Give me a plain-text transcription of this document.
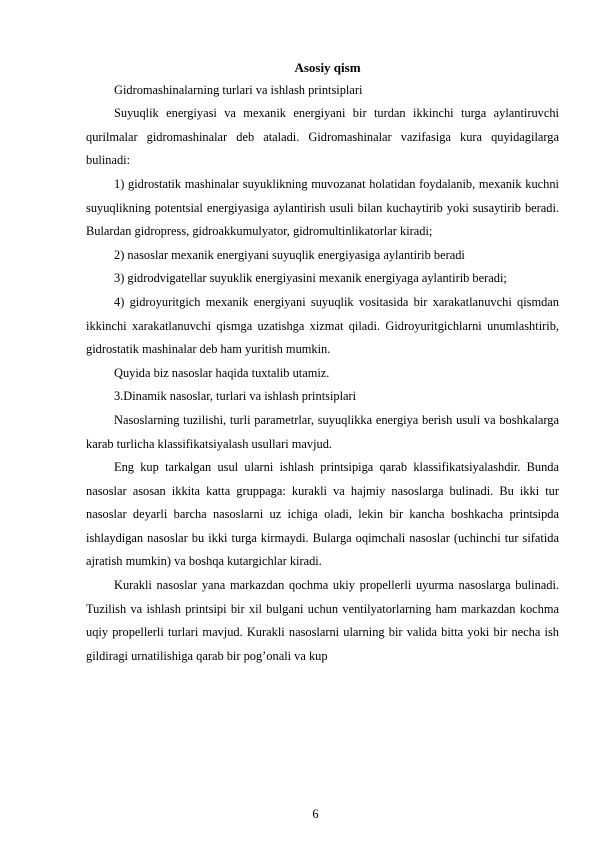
Asosiy qism

Gidromashinalarning turlari va ishlash printsiplari

Suyuqlik energiyasi va mexanik energiyani bir turdan ikkinchi turga aylantiruvchi qurilmalar gidromashinalar deb ataladi. Gidromashinalar vazifasiga kura quyidagilarga bulinadi:

1) gidrostatik mashinalar suyuklikning muvozanat holatidan foydalanib, mexanik kuchni suyuqlikning potentsial energiyasiga aylantirish usuli bilan kuchaytirib yoki susaytirib beradi. Bulardan gidropress, gidroakkumulyator, gidromultinlikatorlar kiradi;

2) nasoslar mexanik energiyani suyuqlik energiyasiga aylantirib beradi

3) gidrodvigatellar suyuklik energiyasini mexanik energiyaga aylantirib beradi;

4) gidroyuritgich mexanik energiyani suyuqlik vositasida bir xarakatlanuvchi qismdan ikkinchi xarakatlanuvchi qismga uzatishga xizmat qiladi. Gidroyuritgichlarni unumlashtirib, gidrostatik mashinalar deb ham yuritish mumkin.

Quyida biz nasoslar haqida tuxtalib utamiz.

3.Dinamik nasoslar, turlari va ishlash printsiplari

Nasoslarning tuzilishi, turli parametrlar, suyuqlikka energiya berish usuli va boshkalarga karab turlicha klassifikatsiyalash usullari mavjud.

Eng kup tarkalgan usul ularni ishlash printsipiga qarab klassifikatsiyalashdir. Bunda nasoslar asosan ikkita katta gruppaga: kurakli va hajmiy nasoslarga bulinadi. Bu ikki tur nasoslar deyarli barcha nasoslarni uz ichiga oladi, lekin bir kancha boshkacha printsipda ishlaydigan nasoslar bu ikki turga kirmaydi. Bularga oqimchali nasoslar (uchinchi tur sifatida ajratish mumkin) va boshqa kutargichlar kiradi.

Kurakli nasoslar yana markazdan qochma ukiy propellerli uyurma nasoslarga bulinadi. Tuzilish va ishlash printsipi bir xil bulgani uchun ventilyatorlarning ham markazdan kochma uqiy propellerli turlari mavjud. Kurakli nasoslarni ularning bir valida bitta yoki bir necha ish gildiragi urnatilishiga qarab bir pog’onali va kup

6
